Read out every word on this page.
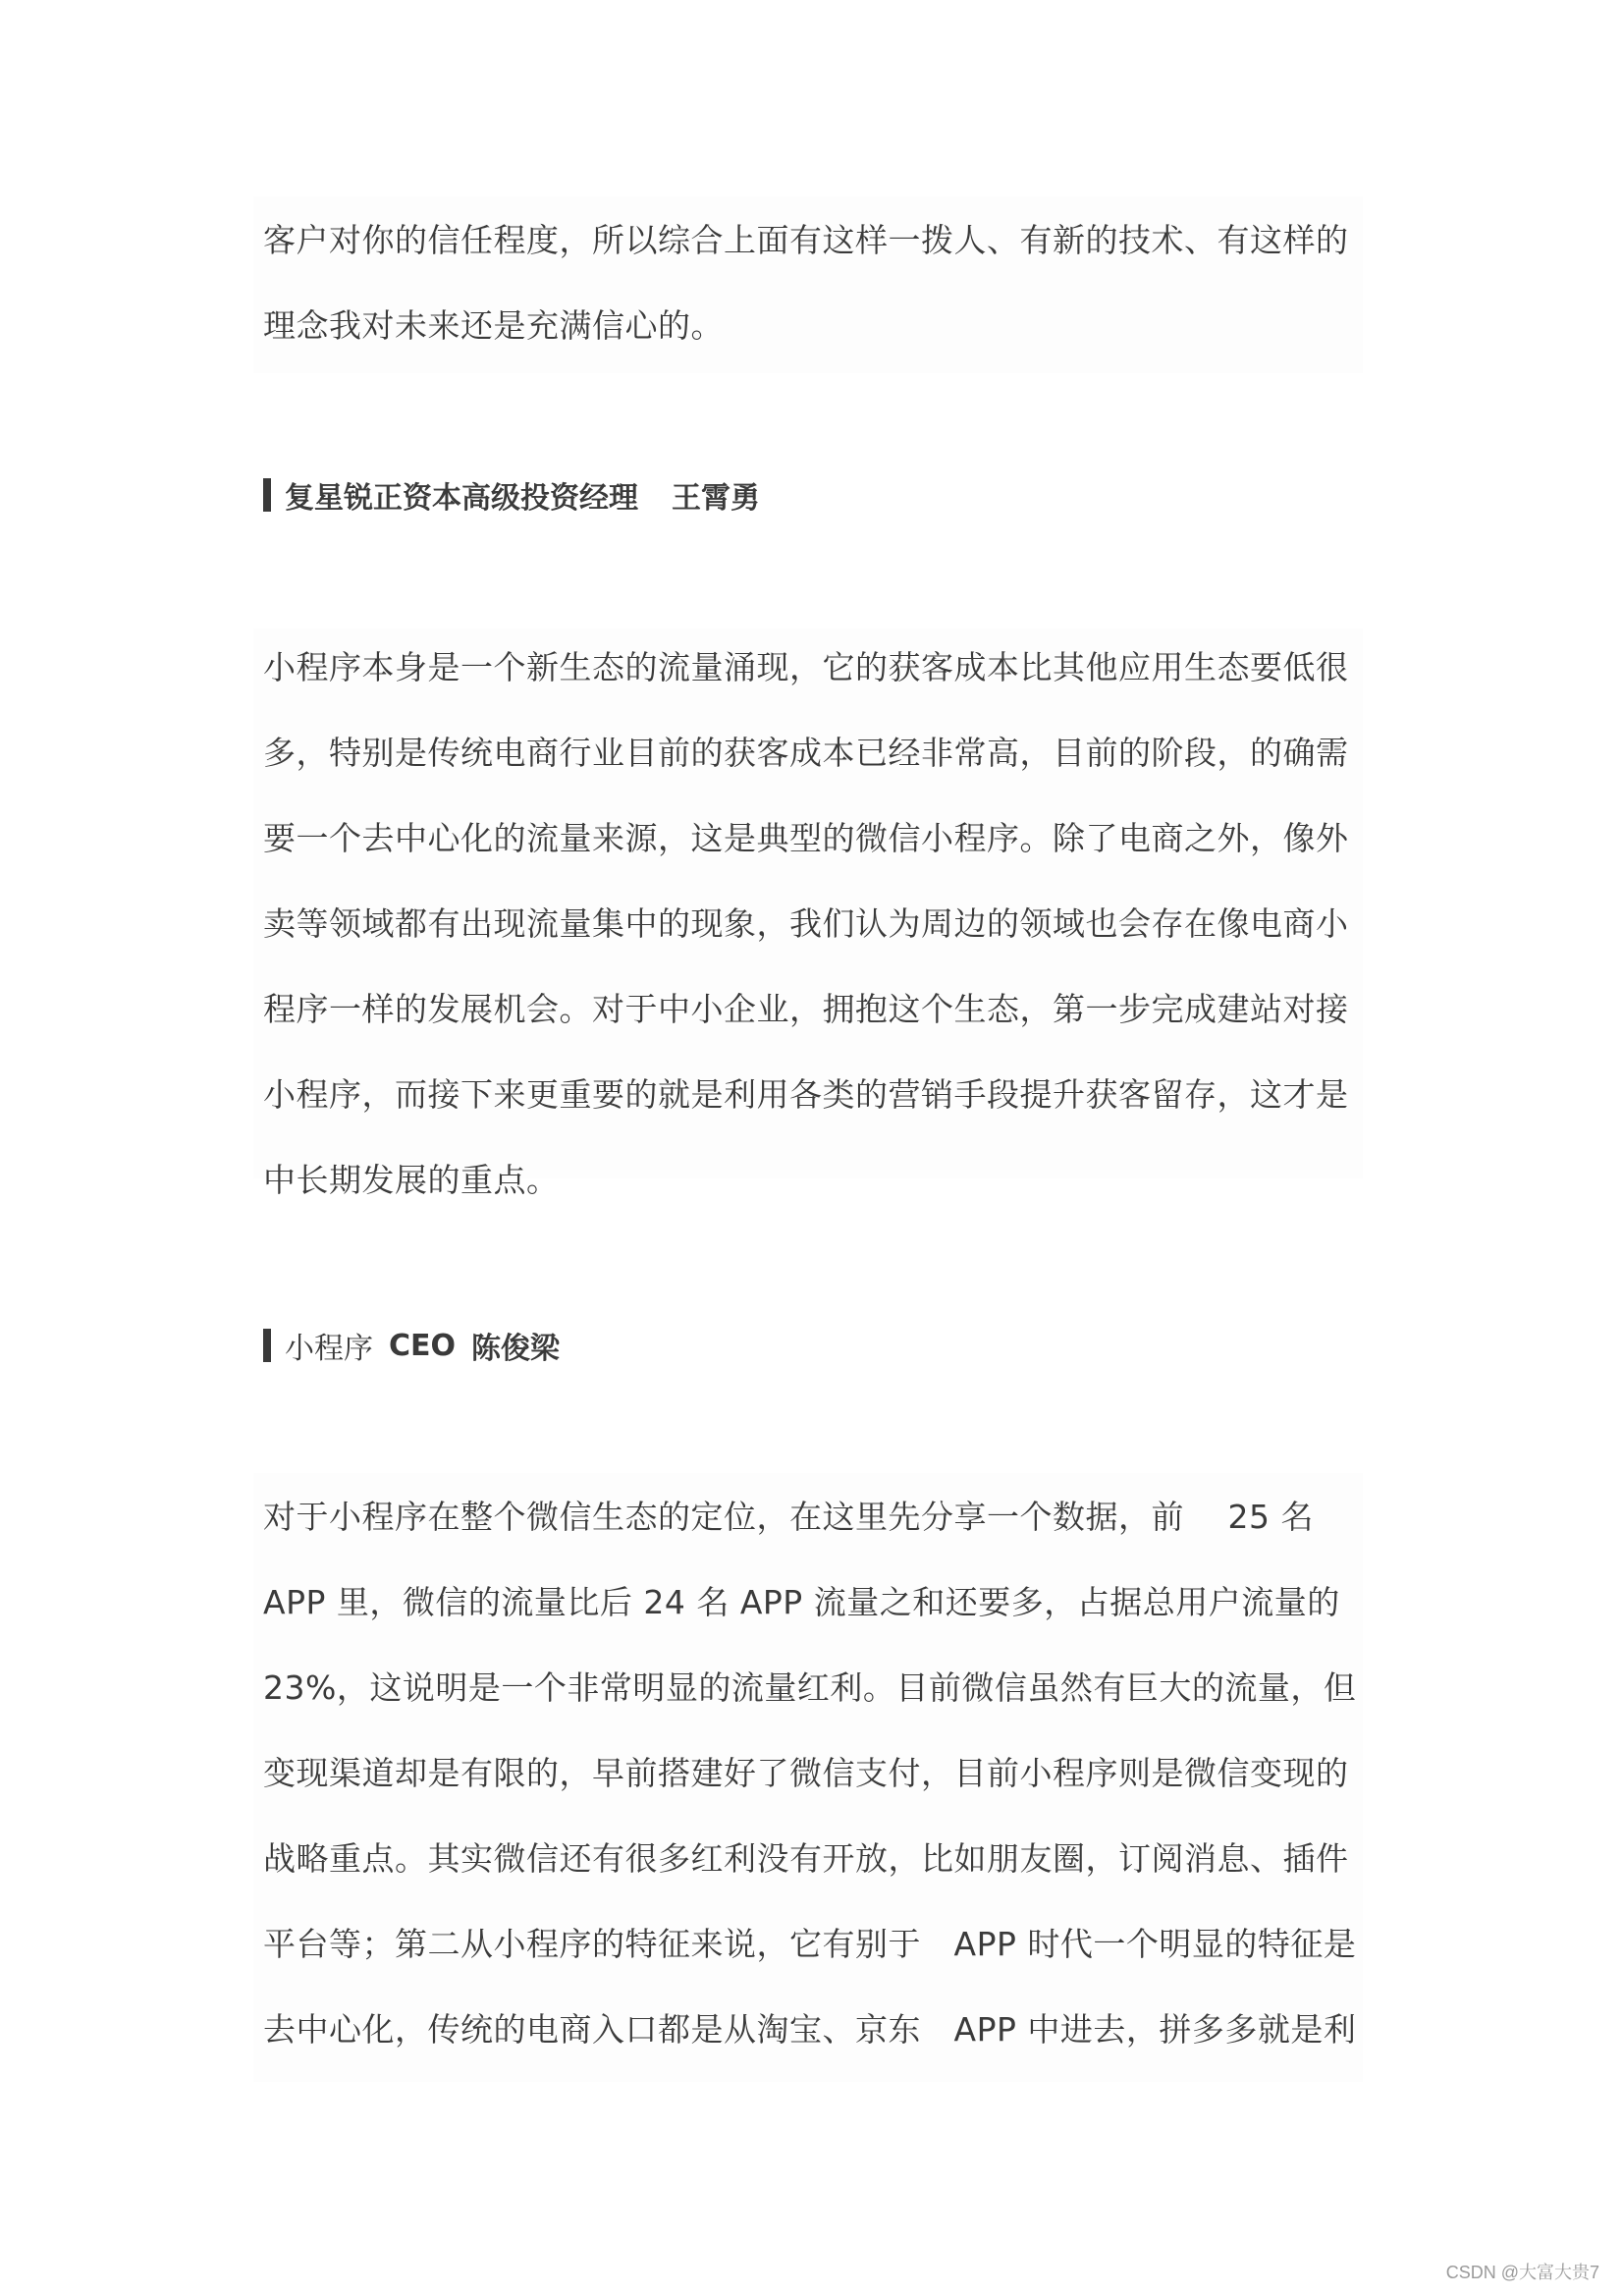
客户对你的信任程度，所以综合上面有这样一拨人、有新的技术、有这样的
理念我对未来还是充满信心的。
复星锐正资本高级投资经理 王霄勇
小程序本身是一个新生态的流量涌现，它的获客成本比其他应用生态要低很
多，特别是传统电商行业目前的获客成本已经非常高，目前的阶段，的确需
要一个去中心化的流量来源，这是典型的微信小程序。除了电商之外，像外
卖等领域都有出现流量集中的现象，我们认为周边的领域也会存在像电商小
程序一样的发展机会。对于中小企业，拥抱这个生态，第一步完成建站对接
小程序，而接下来更重要的就是利用各类的营销手段提升获客留存，这才是
中长期发展的重点。
小程序 CEO 陈俊梁
对于小程序在整个微信生态的定位，在这里先分享一个数据，前　 25 名
APP 里，微信的流量比后 24 名 APP 流量之和还要多，占据总用户流量的
23%，这说明是一个非常明显的流量红利。目前微信虽然有巨大的流量，但
变现渠道却是有限的，早前搭建好了微信支付，目前小程序则是微信变现的
战略重点。其实微信还有很多红利没有开放，比如朋友圈，订阅消息、插件
平台等；第二从小程序的特征来说，它有别于　APP 时代一个明显的特征是
去中心化，传统的电商入口都是从淘宝、京东　APP 中进去，拼多多就是利
CSDN @大富大贵7
